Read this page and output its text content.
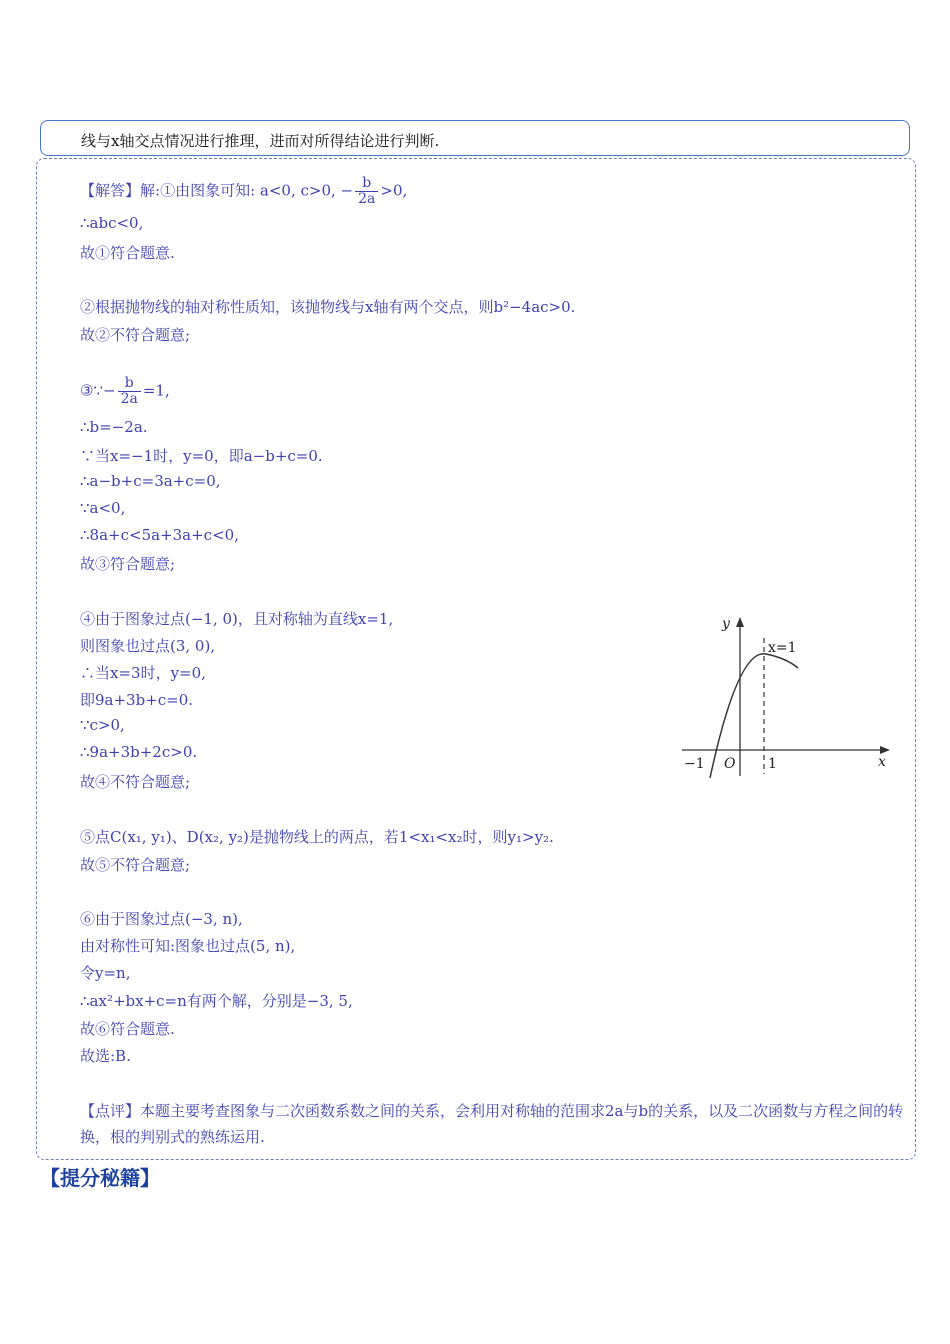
线与x轴交点情况进行推理，进而对所得结论进行判断.
【解答】解:①由图象可知: a<0, c>0, − $\frac{b}{2a} >0$,
∴abc<0,
故①符合题意.
②根据抛物线的轴对称性质知，该抛物线与x轴有两个交点，则b²−4ac>0.
故②不符合题意;
③∵− $\frac{b}{2a} =1$,
∴b=−2a.
∵当x=−1时，y=0，即a−b+c=0.
∴a−b+c=3a+c=0,
∵a<0,
∴8a+c<5a+3a+c<0,
故③符合题意;
④由于图象过点(−1, 0)，且对称轴为直线x=1,
则图象也过点(3, 0),
∴当x=3时，y=0,
即9a+3b+c=0.
∵c>0,
∴9a+3b+2c>0.
故④不符合题意;
⑤点C(x₁, y₁)、D(x₂, y₂)是抛物线上的两点，若1<x₁<x₂时，则y₁>y₂.
故⑤不符合题意;
⑥由于图象过点(−3, n),
由对称性可知:图象也过点(5, n),
令y=n,
∴ax²+bx+c=n有两个解，分别是−3, 5,
故⑥符合题意.
故选:B.
【点评】本题主要考查图象与二次函数系数之间的关系，会利用对称轴的范围求2a与b的关系，以及二次函数与方程之间的转换，根的判别式的熟练运用.
y
x
x=1
O
−1	1
【提分秘籍】
